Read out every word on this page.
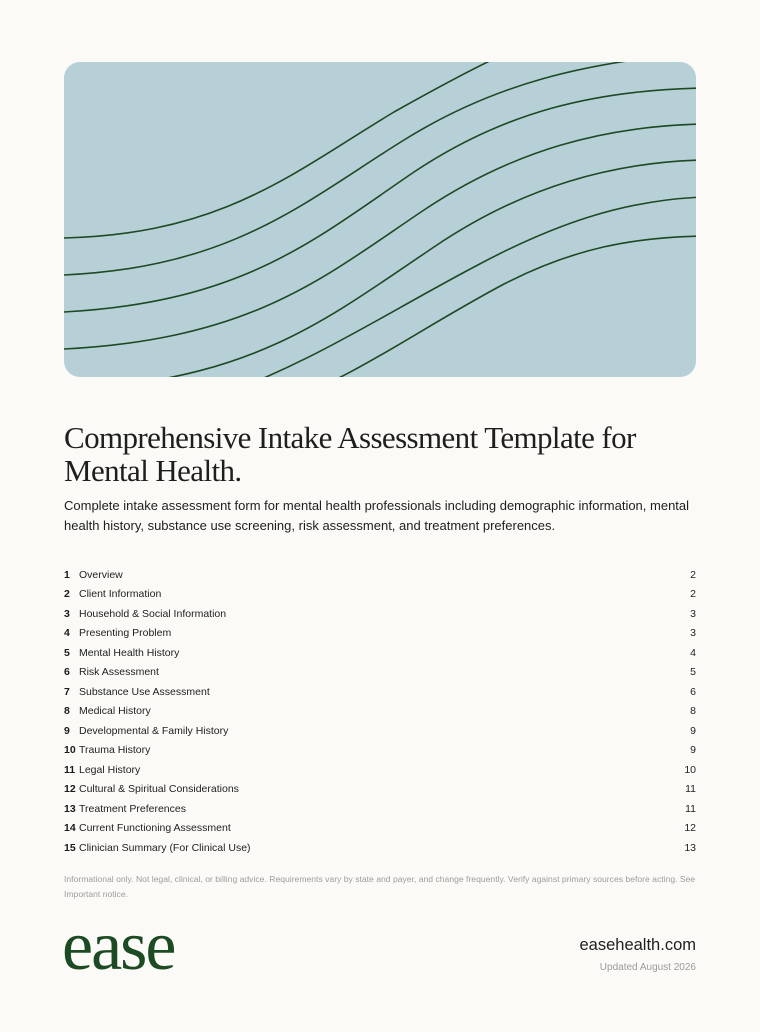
Comprehensive Intake Assessment Template for Mental Health.

Complete intake assessment form for mental health professionals including demographic information, mental health history, substance use screening, risk assessment, and treatment preferences.

1 Overview	2
2 Client Information	2
3 Household & Social Information	3
4 Presenting Problem	3
5 Mental Health History	4
6 Risk Assessment	5
7 Substance Use Assessment	6
8 Medical History	8
9 Developmental & Family History	9
10 Trauma History	9
11 Legal History	10
12 Cultural & Spiritual Considerations	11
13 Treatment Preferences	11
14 Current Functioning Assessment	12
15 Clinician Summary (For Clinical Use)	13

Informational only. Not legal, clinical, or billing advice. Requirements vary by state and payer, and change frequently. Verify against primary sources before acting. See Important notice.

ease	easehealth.com
Updated August 2026
